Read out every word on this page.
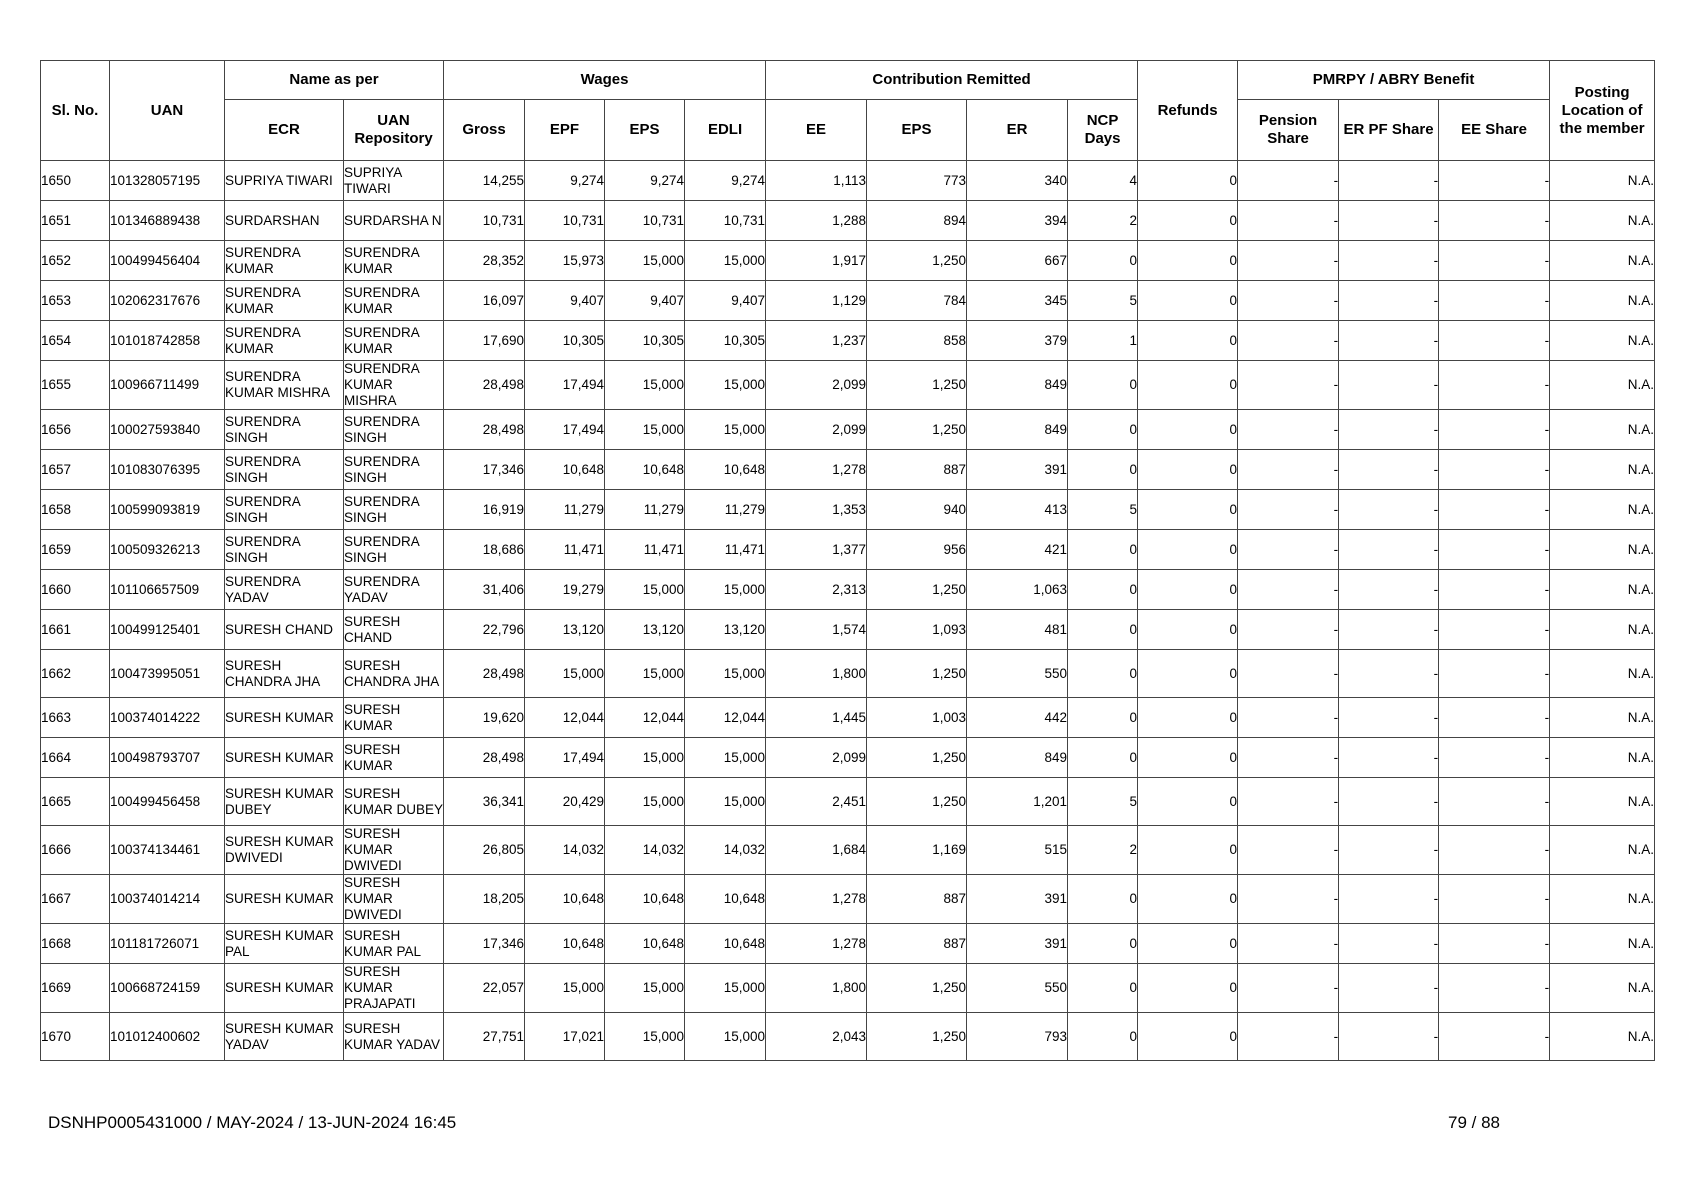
Sl. No.	UAN	Name as per		Wages				Contribution Remitted				Refunds	PMRPY / ABRY Benefit			Posting Location of the member
		ECR	UAN Repository	Gross	EPF	EPS	EDLI	EE	EPS	ER	NCP Days		Pension Share	ER PF Share	EE Share	
1650	101328057195	SUPRIYA TIWARI	SUPRIYA TIWARI	14,255	9,274	9,274	9,274	1,113	773	340	4	0	-	-	-	N.A.
1651	101346889438	SURDARSHAN	SURDARSHA N	10,731	10,731	10,731	10,731	1,288	894	394	2	0	-	-	-	N.A.
1652	100499456404	SURENDRA KUMAR	SURENDRA KUMAR	28,352	15,973	15,000	15,000	1,917	1,250	667	0	0	-	-	-	N.A.
1653	102062317676	SURENDRA KUMAR	SURENDRA KUMAR	16,097	9,407	9,407	9,407	1,129	784	345	5	0	-	-	-	N.A.
1654	101018742858	SURENDRA KUMAR	SURENDRA KUMAR	17,690	10,305	10,305	10,305	1,237	858	379	1	0	-	-	-	N.A.
1655	100966711499	SURENDRA KUMAR MISHRA	SURENDRA KUMAR MISHRA	28,498	17,494	15,000	15,000	2,099	1,250	849	0	0	-	-	-	N.A.
1656	100027593840	SURENDRA SINGH	SURENDRA SINGH	28,498	17,494	15,000	15,000	2,099	1,250	849	0	0	-	-	-	N.A.
1657	101083076395	SURENDRA SINGH	SURENDRA SINGH	17,346	10,648	10,648	10,648	1,278	887	391	0	0	-	-	-	N.A.
1658	100599093819	SURENDRA SINGH	SURENDRA SINGH	16,919	11,279	11,279	11,279	1,353	940	413	5	0	-	-	-	N.A.
1659	100509326213	SURENDRA SINGH	SURENDRA SINGH	18,686	11,471	11,471	11,471	1,377	956	421	0	0	-	-	-	N.A.
1660	101106657509	SURENDRA YADAV	SURENDRA YADAV	31,406	19,279	15,000	15,000	2,313	1,250	1,063	0	0	-	-	-	N.A.
1661	100499125401	SURESH CHAND	SURESH CHAND	22,796	13,120	13,120	13,120	1,574	1,093	481	0	0	-	-	-	N.A.
1662	100473995051	SURESH CHANDRA JHA	SURESH CHANDRA JHA	28,498	15,000	15,000	15,000	1,800	1,250	550	0	0	-	-	-	N.A.
1663	100374014222	SURESH KUMAR	SURESH KUMAR	19,620	12,044	12,044	12,044	1,445	1,003	442	0	0	-	-	-	N.A.
1664	100498793707	SURESH KUMAR	SURESH KUMAR	28,498	17,494	15,000	15,000	2,099	1,250	849	0	0	-	-	-	N.A.
1665	100499456458	SURESH KUMAR DUBEY	SURESH KUMAR DUBEY	36,341	20,429	15,000	15,000	2,451	1,250	1,201	5	0	-	-	-	N.A.
1666	100374134461	SURESH KUMAR DWIVEDI	SURESH KUMAR DWIVEDI	26,805	14,032	14,032	14,032	1,684	1,169	515	2	0	-	-	-	N.A.
1667	100374014214	SURESH KUMAR	SURESH KUMAR DWIVEDI	18,205	10,648	10,648	10,648	1,278	887	391	0	0	-	-	-	N.A.
1668	101181726071	SURESH KUMAR PAL	SURESH KUMAR PAL	17,346	10,648	10,648	10,648	1,278	887	391	0	0	-	-	-	N.A.
1669	100668724159	SURESH KUMAR	SURESH KUMAR PRAJAPATI	22,057	15,000	15,000	15,000	1,800	1,250	550	0	0	-	-	-	N.A.
1670	101012400602	SURESH KUMAR YADAV	SURESH KUMAR YADAV	27,751	17,021	15,000	15,000	2,043	1,250	793	0	0	-	-	-	N.A.
DSNHP0005431000 / MAY-2024 / 13-JUN-2024 16:45	79 / 88
